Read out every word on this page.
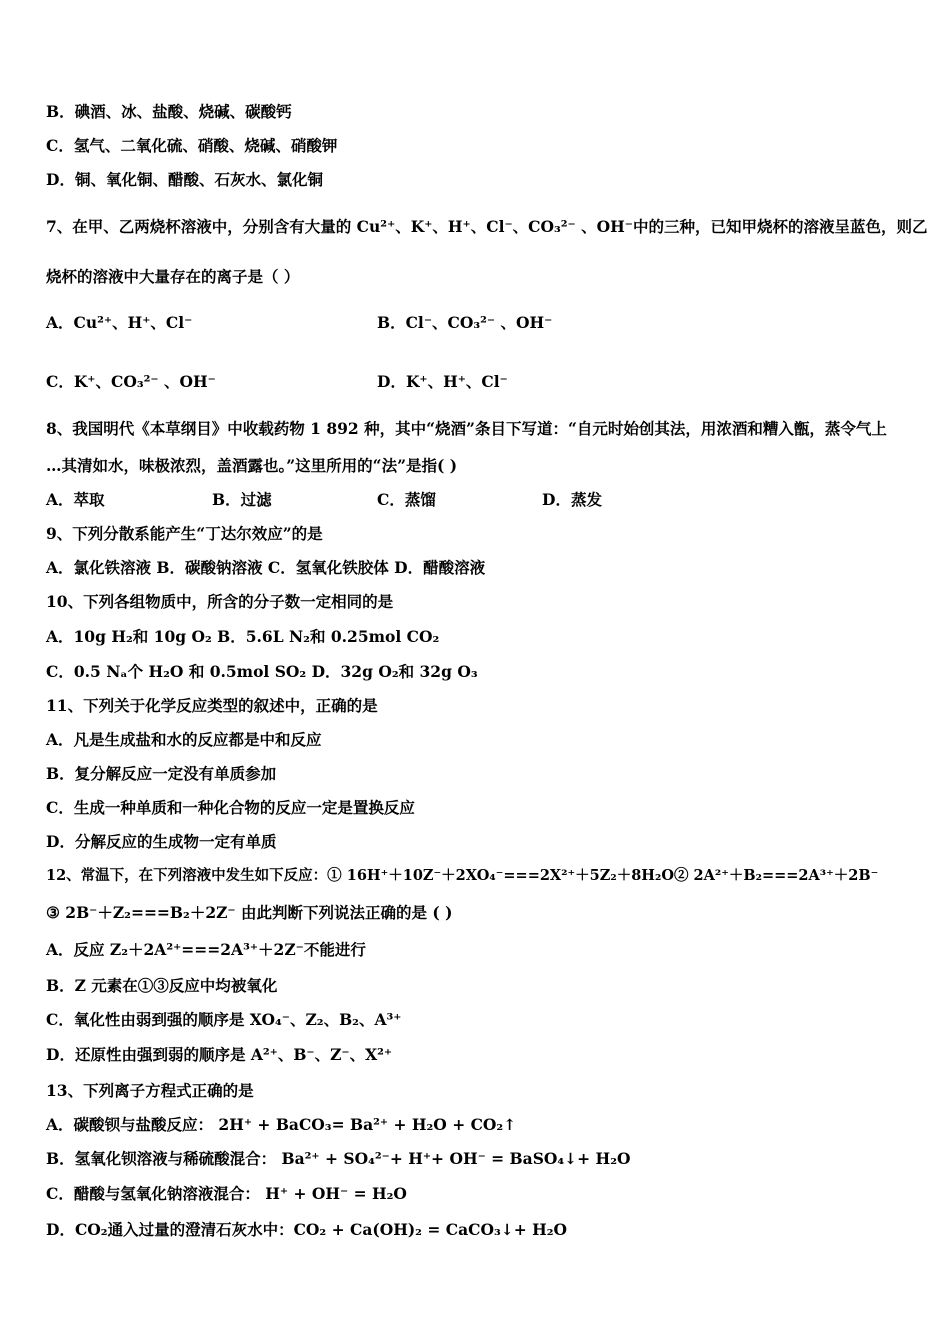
B．碘酒、冰、盐酸、烧碱、碳酸钙
C．氢气、二氧化硫、硝酸、烧碱、硝酸钾
D．铜、氧化铜、醋酸、石灰水、氯化铜
7、在甲、乙两烧杯溶液中，分别含有大量的 Cu²⁺、K⁺、H⁺、Cl⁻、CO₃²⁻ 、OH⁻中的三种，已知甲烧杯的溶液呈蓝色，则乙
烧杯的溶液中大量存在的离子是（ ）
A．Cu²⁺、H⁺、Cl⁻	B．Cl⁻、CO₃²⁻ 、OH⁻
C．K⁺、CO₃²⁻ 、OH⁻	D．K⁺、H⁺、Cl⁻
8、我国明代《本草纲目》中收载药物 1 892 种，其中“烧酒”条目下写道：“自元时始创其法，用浓酒和糟入甑，蒸令气上
…其清如水，味极浓烈，盖酒露也。”这里所用的“法”是指( )
A．萃取	B．过滤	C．蒸馏	D．蒸发
9、下列分散系能产生“丁达尔效应”的是
A．氯化铁溶液 B．碳酸钠溶液 C．氢氧化铁胶体 D．醋酸溶液
10、下列各组物质中，所含的分子数一定相同的是
A．10g H₂和 10g O₂ B．5.6L N₂和 0.25mol CO₂
C．0.5 Nₐ个 H₂O 和 0.5mol SO₂ D．32g O₂和 32g O₃
11、下列关于化学反应类型的叙述中，正确的是
A．凡是生成盐和水的反应都是中和反应
B．复分解反应一定没有单质参加
C．生成一种单质和一种化合物的反应一定是置换反应
D．分解反应的生成物一定有单质
12、常温下，在下列溶液中发生如下反应：① 16H⁺＋10Z⁻＋2XO₄⁻===2X²⁺＋5Z₂＋8H₂O② 2A²⁺＋B₂===2A³⁺＋2B⁻
③ 2B⁻＋Z₂===B₂＋2Z⁻ 由此判断下列说法正确的是 ( )
A．反应 Z₂＋2A²⁺===2A³⁺＋2Z⁻不能进行
B．Z 元素在①③反应中均被氧化
C．氧化性由弱到强的顺序是 XO₄⁻、Z₂、B₂、A³⁺
D．还原性由强到弱的顺序是 A²⁺、B⁻、Z⁻、X²⁺
13、下列离子方程式正确的是
A．碳酸钡与盐酸反应： 2H⁺ + BaCO₃= Ba²⁺ + H₂O + CO₂↑
B．氢氧化钡溶液与稀硫酸混合： Ba²⁺ + SO₄²⁻+ H⁺+ OH⁻ = BaSO₄↓+ H₂O
C．醋酸与氢氧化钠溶液混合： H⁺ + OH⁻ = H₂O
D．CO₂通入过量的澄清石灰水中：CO₂ + Ca(OH)₂ = CaCO₃↓+ H₂O
